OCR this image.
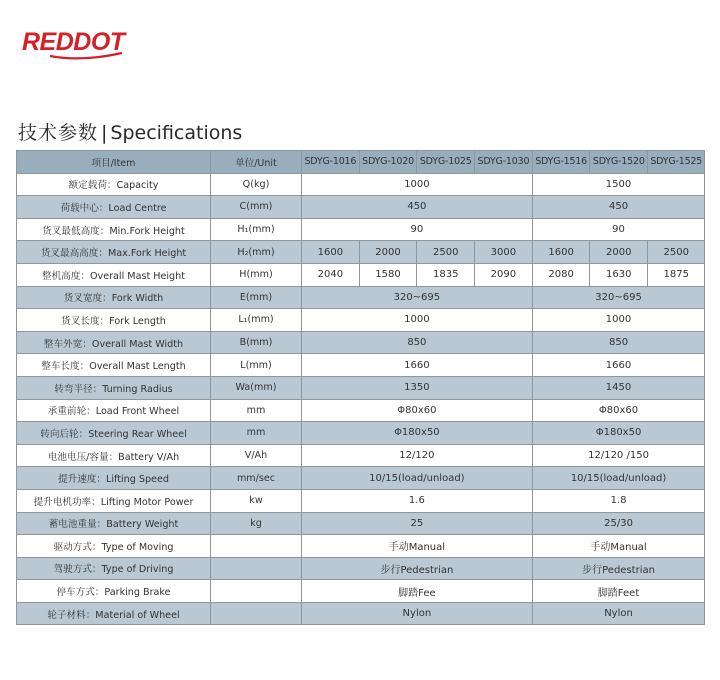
REDDOT
技术参数 | Specifications
项目/Item	单位/Unit	SDYG-1016	SDYG-1020	SDYG-1025	SDYG-1030	SDYG-1516	SDYG-1520	SDYG-1525
额定载荷：Capacity	Q(kg)	1000				1500		
荷载中心：Load Centre	C(mm)	450				450		
货叉最低高度：Min.Fork Height	H₁(mm)	90				90		
货叉最高高度：Max.Fork Height	H₂(mm)	1600	2000	2500	3000	1600	2000	2500
整机高度：Overall Mast Height	H(mm)	2040	1580	1835	2090	2080	1630	1875
货叉宽度：Fork Width	E(mm)	320~695				320~695		
货叉长度：Fork Length	L₁(mm)	1000				1000		
整车外宽：Overall Mast Width	B(mm)	850				850		
整车长度：Overall Mast Length	L(mm)	1660				1660		
转弯半径：Turning Radius	Wa(mm)	1350				1450		
承重前轮：Load Front Wheel	mm	Φ80x60				Φ80x60		
转向后轮：Steering Rear Wheel	mm	Φ180x50				Φ180x50		
电池电压/容量：Battery V/Ah	V/Ah	12/120				12/120 /150		
提升速度：Lifting Speed	mm/sec	10/15(load/unload)				10/15(load/unload)		
提升电机功率：Lifting Motor Power	kw	1.6				1.8		
蓄电池重量：Battery Weight	kg	25				25/30		
驱动方式：Type of Moving		手动Manual				手动Manual		
驾驶方式：Type of Driving		步行Pedestrian				步行Pedestrian		
停车方式：Parking Brake		脚踏Fee				脚踏Feet		
轮子材料：Material of Wheel		Nylon				Nylon		
